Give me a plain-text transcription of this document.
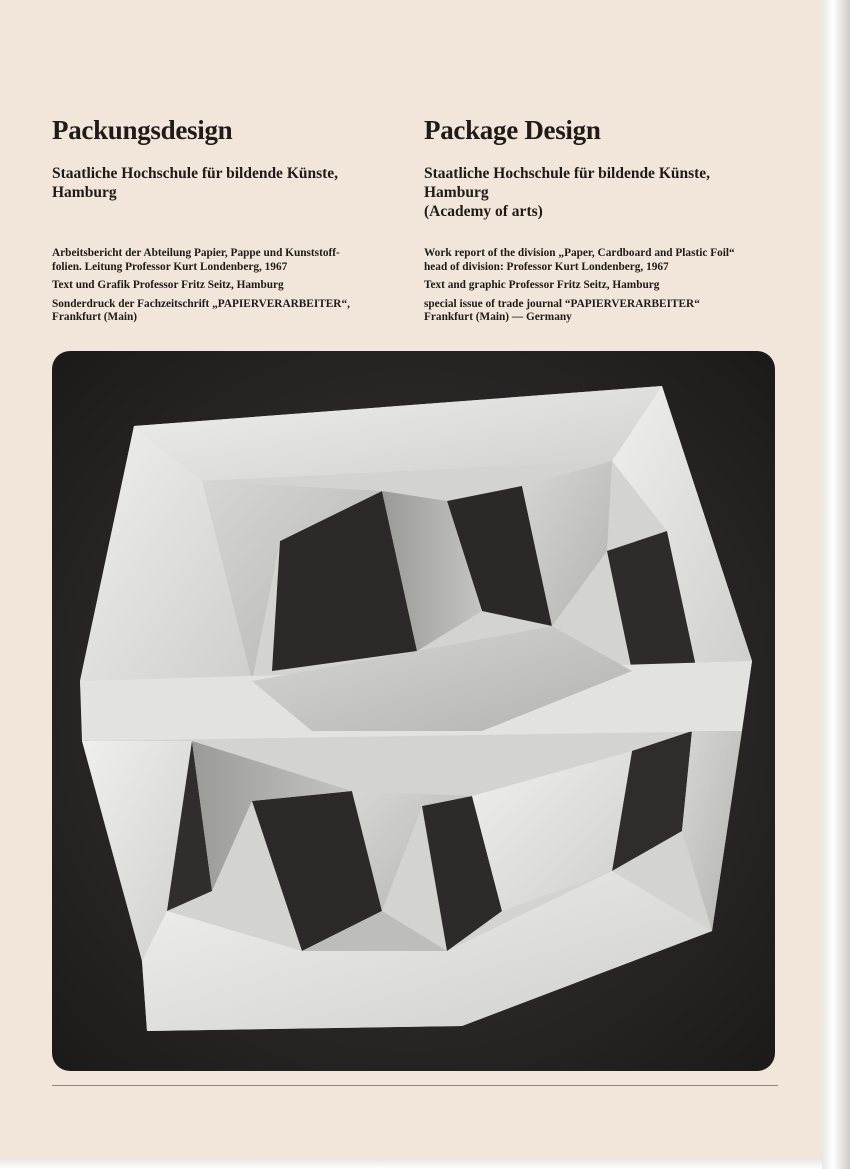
Packungsdesign
Staatliche Hochschule für bildende Künste,
Hamburg
Package Design
Staatliche Hochschule für bildende Künste,
Hamburg
(Academy of arts)

Arbeitsbericht der Abteilung Papier, Pappe und Kunststoff-
folien. Leitung Professor Kurt Londenberg, 1967

Text und Grafik Professor Fritz Seitz, Hamburg

Sonderdruck der Fachzeitschrift „PAPIERVERARBEITER“,
Frankfurt (Main)

Work report of the division „Paper, Cardboard and Plastic Foil“
head of division: Professor Kurt Londenberg, 1967

Text and graphic Professor Fritz Seitz, Hamburg

special issue of trade journal “PAPIERVERARBEITER“
Frankfurt (Main) — Germany
